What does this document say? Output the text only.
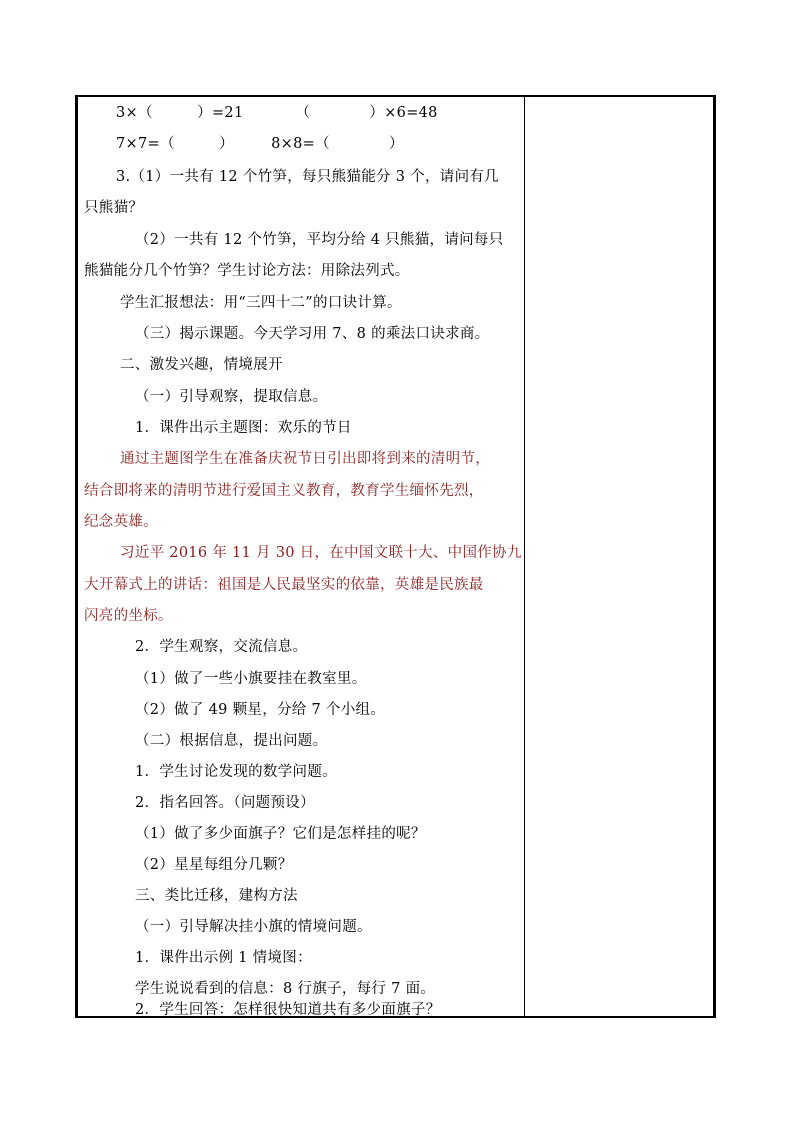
3×（　　　）=21　　　　（　　　　）×6=48
7×7=（　　　）　　　8×8=（　　　　）
3.（1）一共有 12 个竹笋，每只熊猫能分 3 个，请问有几
只熊猫？
（2）一共有 12 个竹笋，平均分给 4 只熊猫，请问每只
熊猫能分几个竹笋？学生讨论方法：用除法列式。
学生汇报想法：用“三四十二”的口诀计算。
（三）揭示课题。今天学习用 7、8 的乘法口诀求商。
二、激发兴趣，情境展开
（一）引导观察，提取信息。
1．课件出示主题图：欢乐的节日
通过主题图学生在准备庆祝节日引出即将到来的清明节，
结合即将来的清明节进行爱国主义教育，教育学生缅怀先烈，
纪念英雄。
习近平 2016 年 11 月 30 日，在中国文联十大、中国作协九
大开幕式上的讲话：祖国是人民最坚实的依靠，英雄是民族最
闪亮的坐标。
2．学生观察，交流信息。
（1）做了一些小旗要挂在教室里。
（2）做了 49 颗星，分给 7 个小组。
（二）根据信息，提出问题。
1．学生讨论发现的数学问题。
2．指名回答。（问题预设）
（1）做了多少面旗子？它们是怎样挂的呢？
（2）星星每组分几颗？
三、类比迁移，建构方法
（一）引导解决挂小旗的情境问题。
1．课件出示例 1 情境图：
学生说说看到的信息：8 行旗子，每行 7 面。
2．学生回答：怎样很快知道共有多少面旗子？
